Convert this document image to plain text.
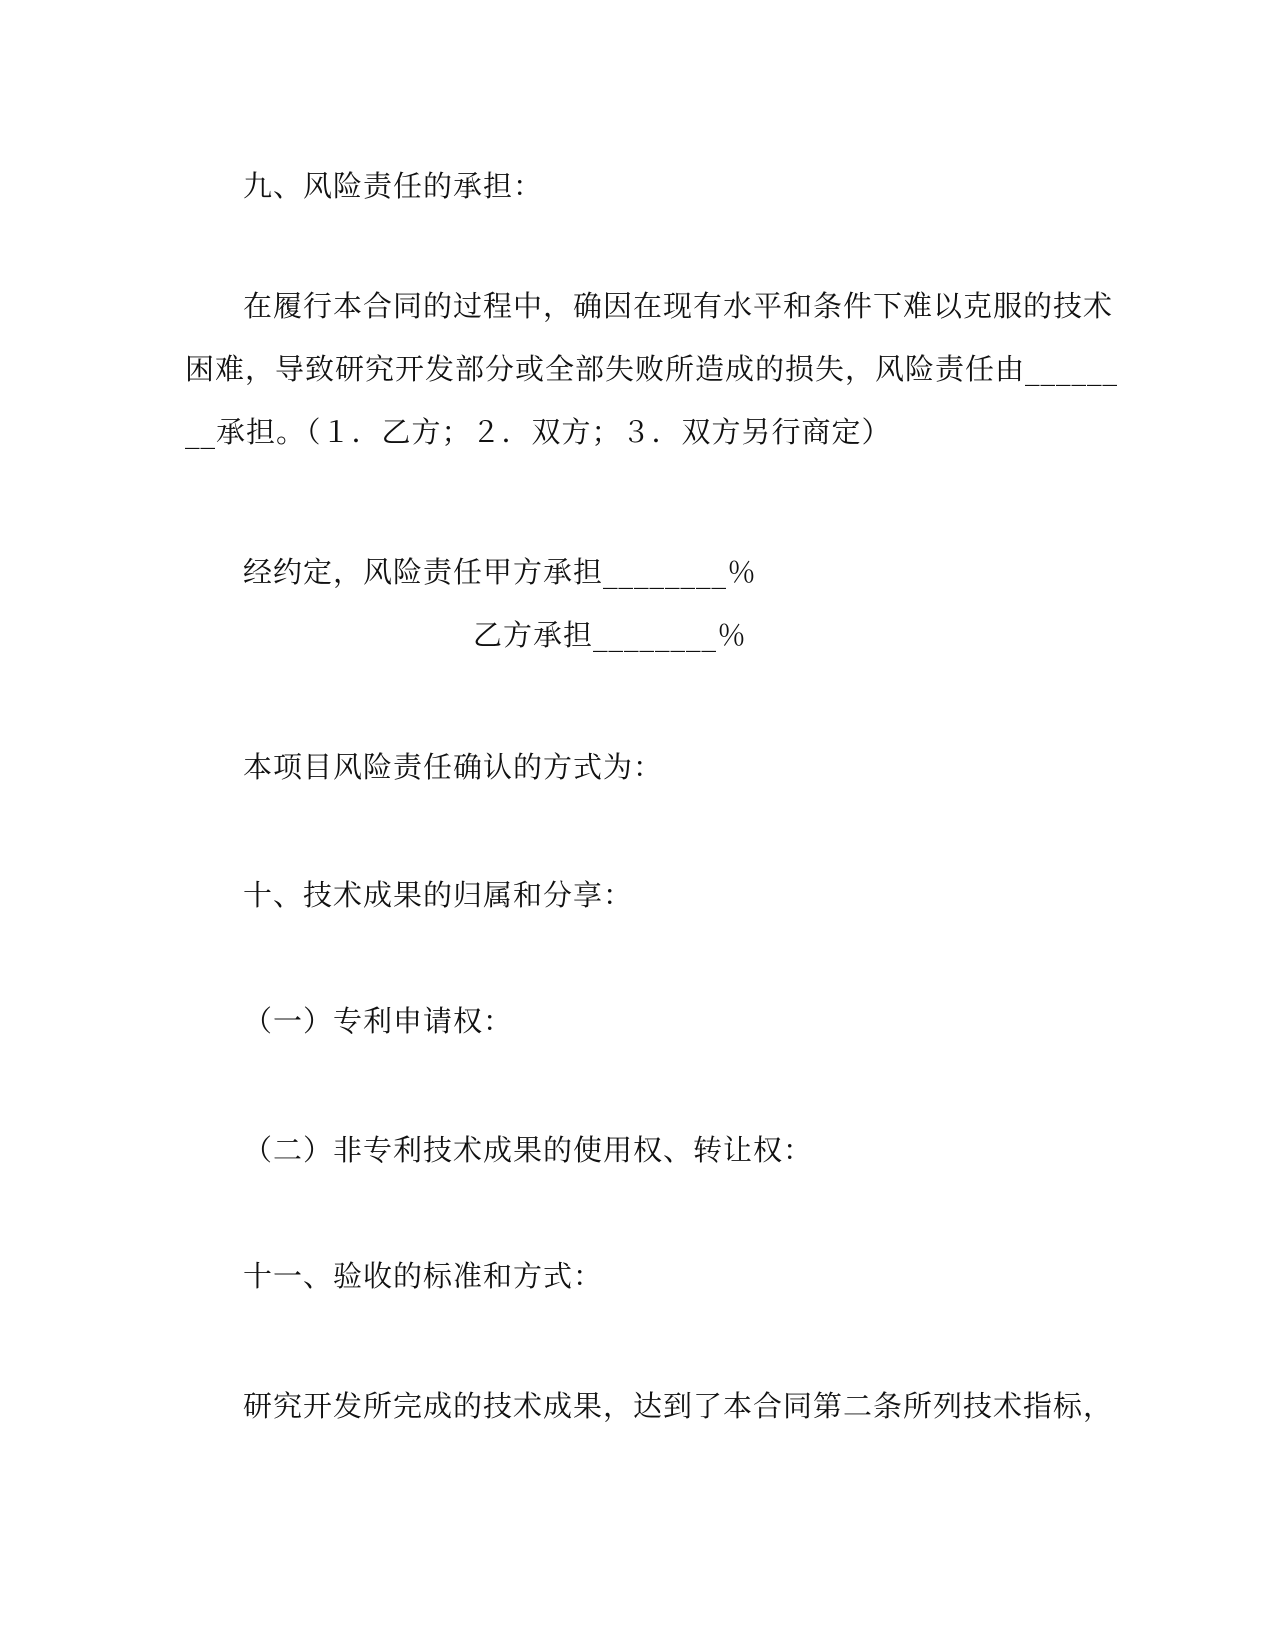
九、风险责任的承担：
在履行本合同的过程中，确因在现有水平和条件下难以克服的技术
困难，导致研究开发部分或全部失败所造成的损失，风险责任由______
__承担。（１．乙方；２．双方；３．双方另行商定）
经约定，风险责任甲方承担________％
乙方承担________％
本项目风险责任确认的方式为：
十、技术成果的归属和分享：
（一）专利申请权：
（二）非专利技术成果的使用权、转让权：
十一、验收的标准和方式：
研究开发所完成的技术成果，达到了本合同第二条所列技术指标，
